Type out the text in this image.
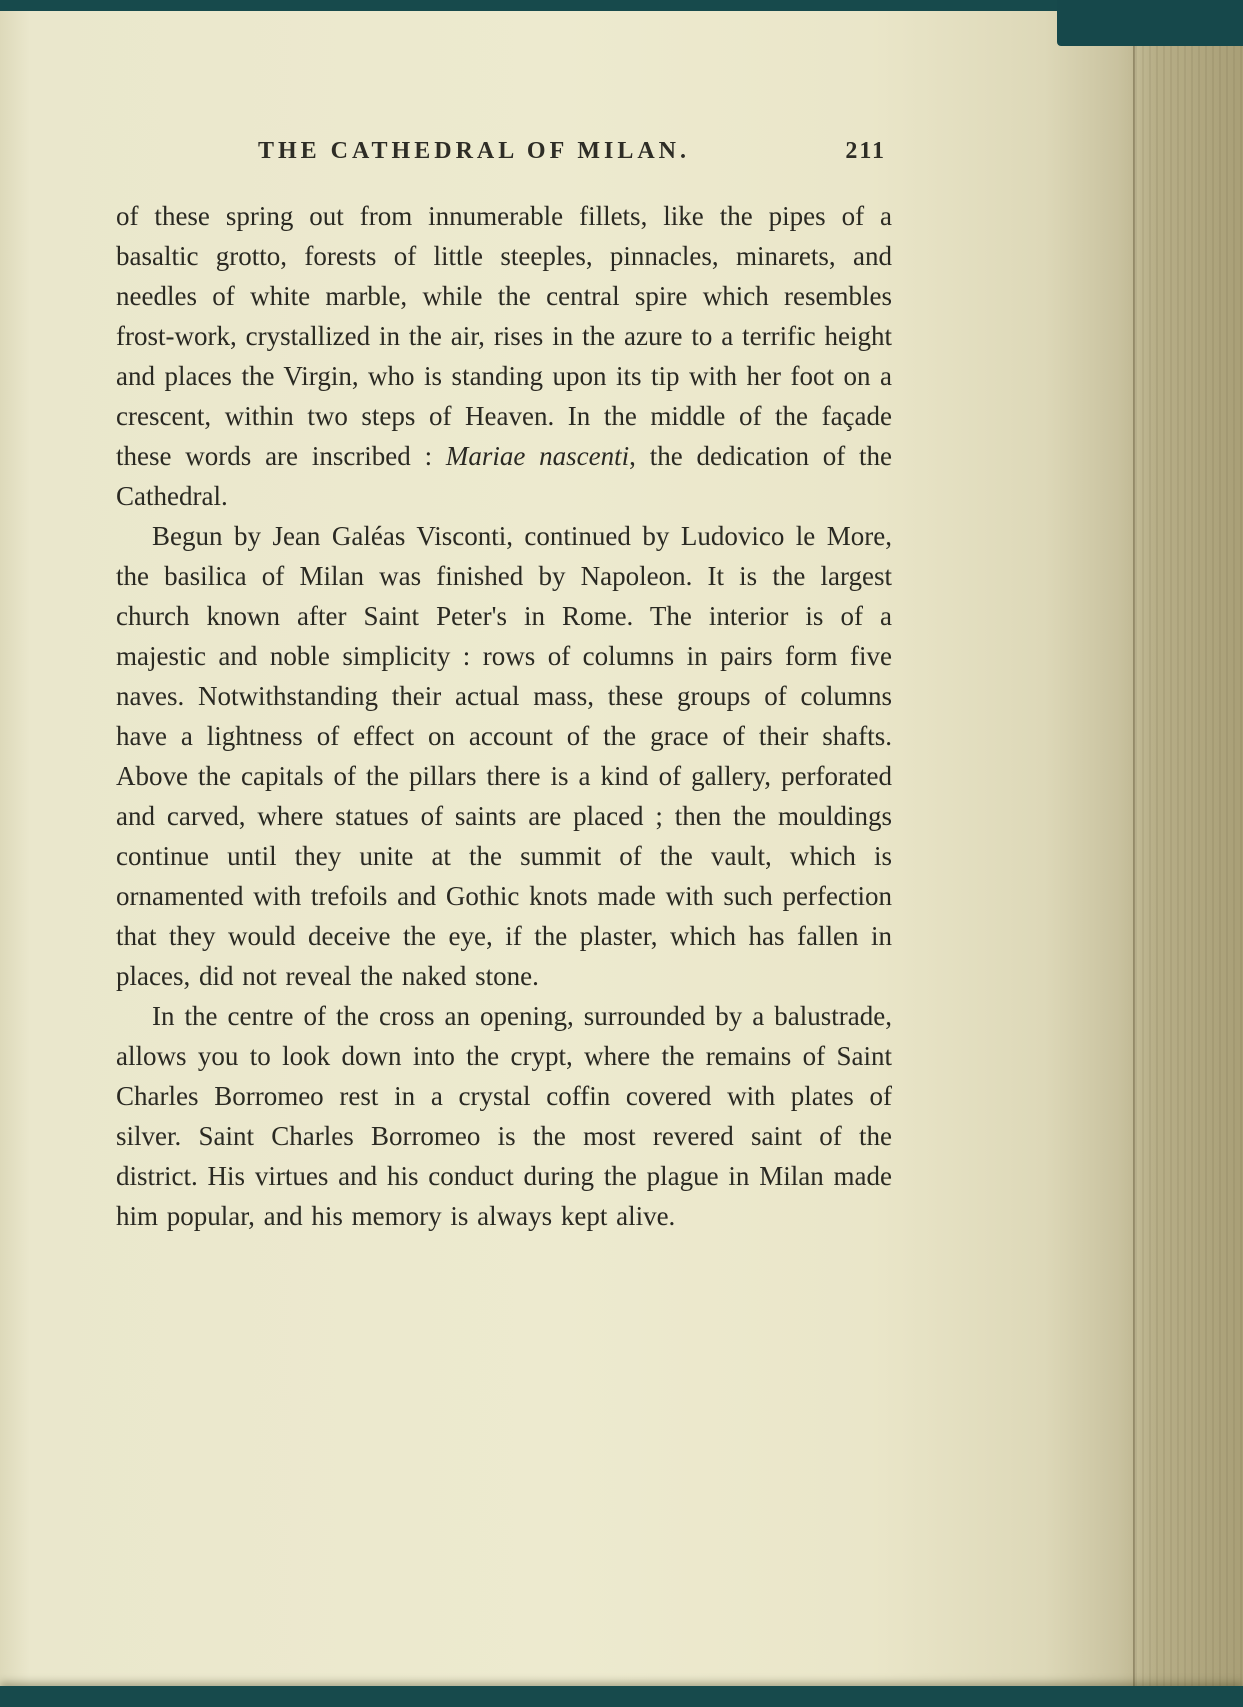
THE CATHEDRAL OF MILAN.	211

of these spring out from innumerable fillets, like the pipes of a basaltic grotto, forests of little steeples, pinnacles, minarets, and needles of white marble, while the central spire which resembles frost-work, crystallized in the air, rises in the azure to a terrific height and places the Virgin, who is standing upon its tip with her foot on a crescent, within two steps of Heaven. In the middle of the façade these words are inscribed : Mariae nascenti, the dedication of the Cathedral.

Begun by Jean Galéas Visconti, continued by Ludovico le More, the basilica of Milan was finished by Napoleon. It is the largest church known after Saint Peter's in Rome. The interior is of a majestic and noble simplicity : rows of columns in pairs form five naves. Notwithstanding their actual mass, these groups of columns have a lightness of effect on account of the grace of their shafts. Above the capitals of the pillars there is a kind of gallery, perforated and carved, where statues of saints are placed ; then the mouldings continue until they unite at the summit of the vault, which is ornamented with trefoils and Gothic knots made with such perfection that they would deceive the eye, if the plaster, which has fallen in places, did not reveal the naked stone.

In the centre of the cross an opening, surrounded by a balustrade, allows you to look down into the crypt, where the remains of Saint Charles Borromeo rest in a crystal coffin covered with plates of silver. Saint Charles Borromeo is the most revered saint of the district. His virtues and his conduct during the plague in Milan made him popular, and his memory is always kept alive.
